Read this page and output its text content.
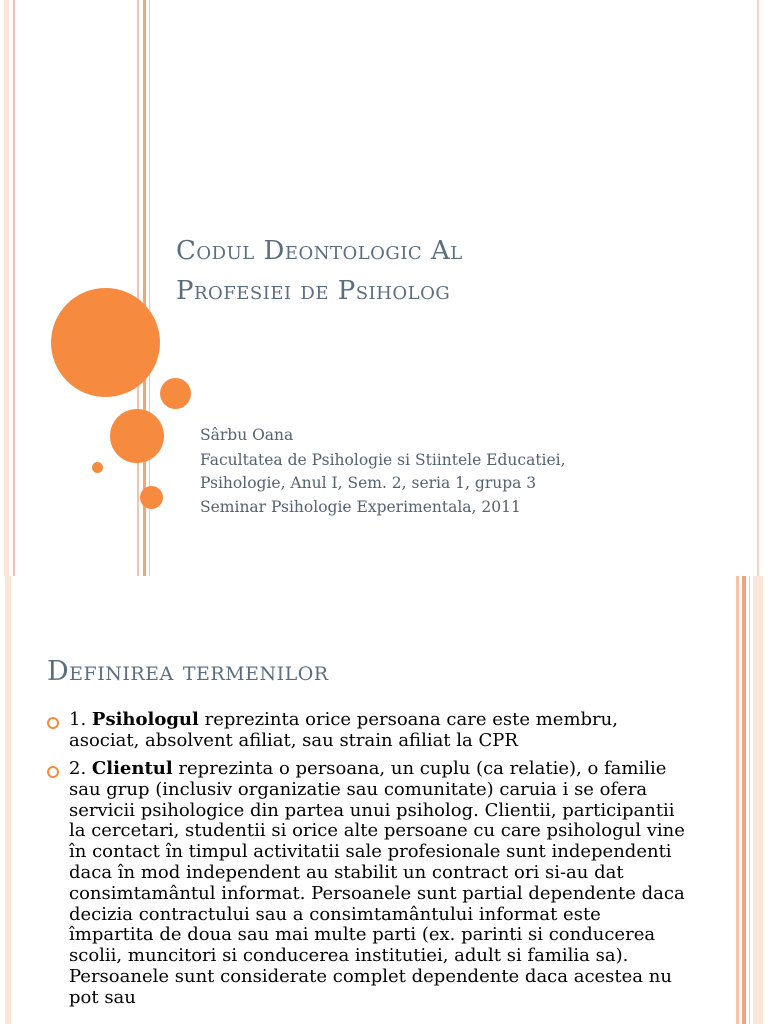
Codul Deontologic Al
Profesiei de Psiholog

Sârbu Oana

Facultatea de Psihologie si Stiintele Educatiei,

Psihologie, Anul I, Sem. 2, seria 1, grupa 3

Seminar Psihologie Experimentala, 2011

Definirea termenilor

1. Psihologul reprezinta orice persoana care este membru, asociat, absolvent afiliat, sau strain afiliat la CPR

2. Clientul reprezinta o persoana, un cuplu (ca relatie), o familie sau grup (inclusiv organizatie sau comunitate) caruia i se ofera servicii psihologice din partea unui psiholog. Clientii, participantii la cercetari, studentii si orice alte persoane cu care psihologul vine în contact în timpul activitatii sale profesionale sunt independenti daca în mod independent au stabilit un contract ori si-au dat consimtamântul informat. Persoanele sunt partial dependente daca decizia contractului sau a consimtamântului informat este împartita de doua sau mai multe parti (ex. parinti si conducerea scolii, muncitori si conducerea institutiei, adult si familia sa). Persoanele sunt considerate complet dependente daca acestea nu pot sau
